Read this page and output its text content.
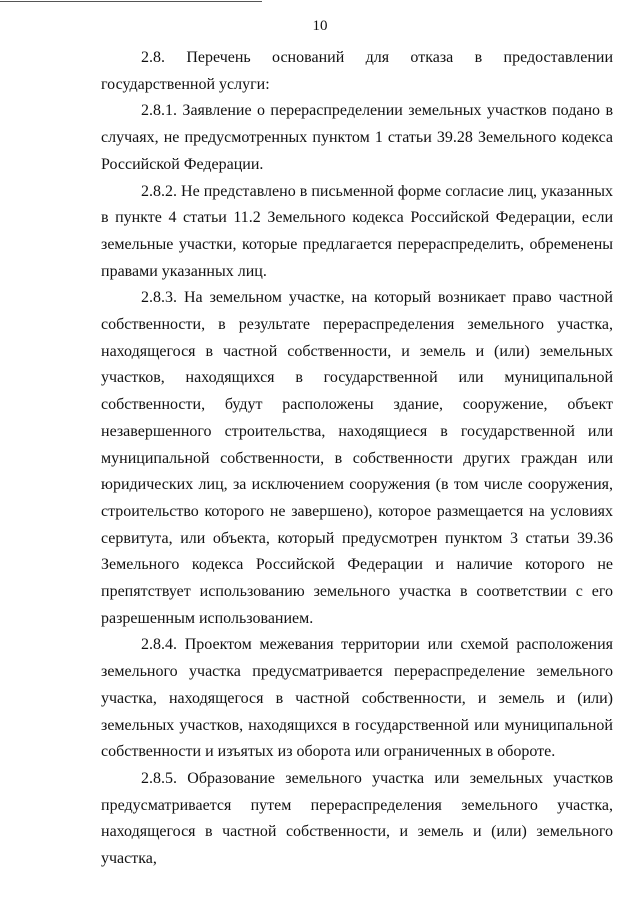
10

2.8. Перечень оснований для отказа в предоставлении государственной услуги:

2.8.1. Заявление о перераспределении земельных участков подано в случаях, не предусмотренных пунктом 1 статьи 39.28 Земельного кодекса Российской Федерации.

2.8.2. Не представлено в письменной форме согласие лиц, указанных в пункте 4 статьи 11.2 Земельного кодекса Российской Федерации, если земельные участки, которые предлагается перераспределить, обременены правами указанных лиц.

2.8.3. На земельном участке, на который возникает право частной собственности, в результате перераспределения земельного участка, находящегося в частной собственности, и земель и (или) земельных участков, находящихся в государственной или муниципальной собственности, будут расположены здание, сооружение, объект незавершенного строительства, находящиеся в государственной или муниципальной собственности, в собственности других граждан или юридических лиц, за исключением сооружения (в том числе сооружения, строительство которого не завершено), которое размещается на условиях сервитута, или объекта, который предусмотрен пунктом 3 статьи 39.36 Земельного кодекса Российской Федерации и наличие которого не препятствует использованию земельного участка в соответствии с его разрешенным использованием.

2.8.4. Проектом межевания территории или схемой расположения земельного участка предусматривается перераспределение земельного участка, находящегося в частной собственности, и земель и (или) земельных участков, находящихся в государственной или муниципальной собственности и изъятых из оборота или ограниченных в обороте.

2.8.5. Образование земельного участка или земельных участков предусматривается путем перераспределения земельного участка, находящегося в частной собственности, и земель и (или) земельного участка,
